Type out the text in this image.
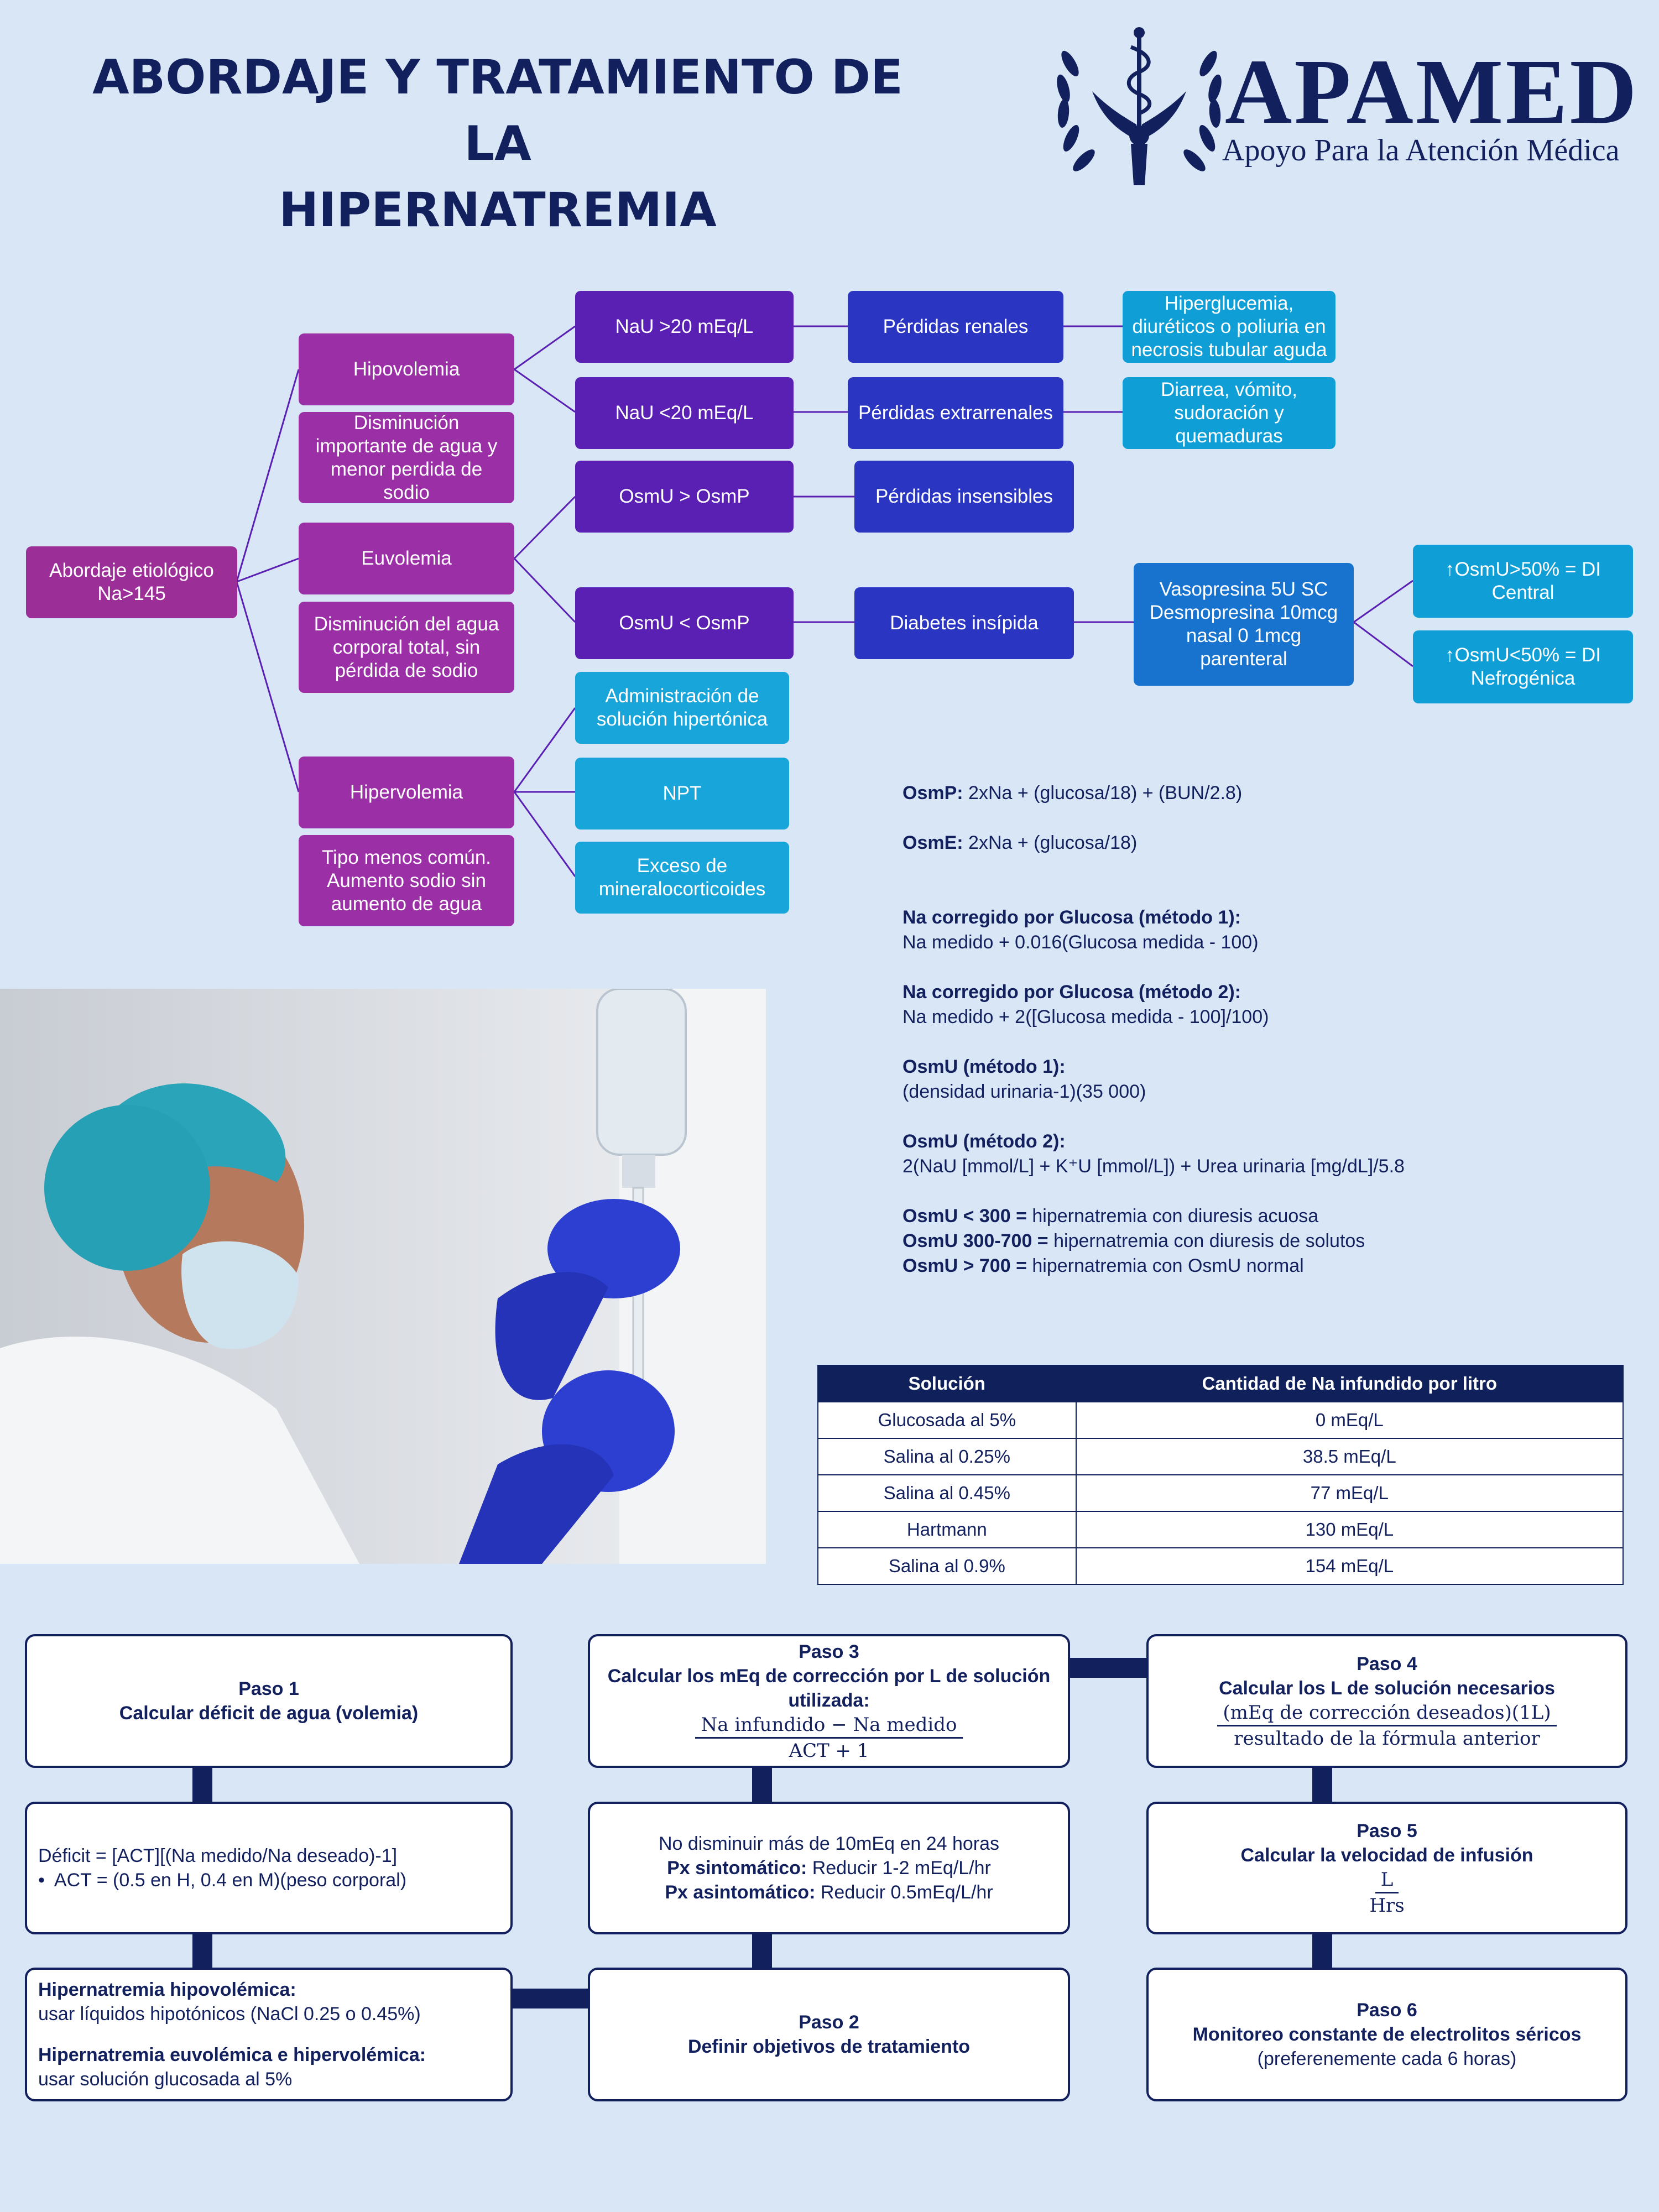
ABORDAJE Y TRATAMIENTO DE LA
HIPERNATREMIA
APAMED
Apoyo Para la Atención Médica
Abordaje etiológico
Na>145
Hipovolemia
Disminución importante de agua y menor perdida de sodio
Euvolemia
Disminución del agua corporal total, sin pérdida de sodio
Hipervolemia
Tipo menos común. Aumento sodio sin aumento de agua
NaU >20 mEq/L
NaU <20 mEq/L
OsmU > OsmP
OsmU < OsmP
Administración de solución hipertónica
NPT
Exceso de mineralocorticoides
Pérdidas renales
Pérdidas extrarrenales
Pérdidas insensibles
Diabetes insípida
Hiperglucemia, diuréticos o poliuria en necrosis tubular aguda
Diarrea, vómito, sudoración y quemaduras
Vasopresina 5U SC Desmopresina 10mcg nasal 0 1mcg parenteral
↑OsmU>50% = DI Central
↑OsmU<50% = DI Nefrogénica

OsmP: 2xNa + (glucosa/18) + (BUN/2.8)

OsmE: 2xNa + (glucosa/18)

Na corregido por Glucosa (método 1):

Na medido + 0.016(Glucosa medida - 100)

Na corregido por Glucosa (método 2):

Na medido + 2([Glucosa medida - 100]/100)

OsmU (método 1):

(densidad urinaria-1)(35 000)

OsmU (método 2):

2(NaU [mmol/L] + K⁺U [mmol/L]) + Urea urinaria [mg/dL]/5.8

OsmU < 300 = hipernatremia con diuresis acuosa

OsmU 300-700 = hipernatremia con diuresis de solutos

OsmU > 700 = hipernatremia con OsmU normal

Solución	Cantidad de Na infundido por litro
Glucosada al 5%	0 mEq/L
Salina al 0.25%	38.5 mEq/L
Salina al 0.45%	77 mEq/L
Hartmann	130 mEq/L
Salina al 0.9%	154 mEq/L
Paso 1
Calcular déficit de agua (volemia)
Déficit = [ACT][(Na medido/Na deseado)-1]
•  ACT = (0.5 en H, 0.4 en M)(peso corporal)
Hipernatremia hipovolémica:
usar líquidos hipotónicos (NaCl 0.25 o 0.45%)
Hipernatremia euvolémica e hipervolémica:
usar solución glucosada al 5%
Paso 3
Calcular los mEq de corrección por L de solución utilizada:
$\frac{\text{Na infundido − Na medido}}{\text{ACT + 1}}$
No disminuir más de 10mEq en 24 horas
Px sintomático: Reducir 1-2 mEq/L/hr
Px asintomático: Reducir 0.5mEq/L/hr
Paso 2
Definir objetivos de tratamiento
Paso 4
Calcular los L de solución necesarios
$\frac{\text{(mEq de corrección deseados)(1L)}}{\text{resultado de la fórmula anterior}}$
Paso 5
Calcular la velocidad de infusión
$\frac{L}{\text{Hrs}}$
Paso 6
Monitoreo constante de electrolitos séricos
(preferenemente cada 6 horas)
